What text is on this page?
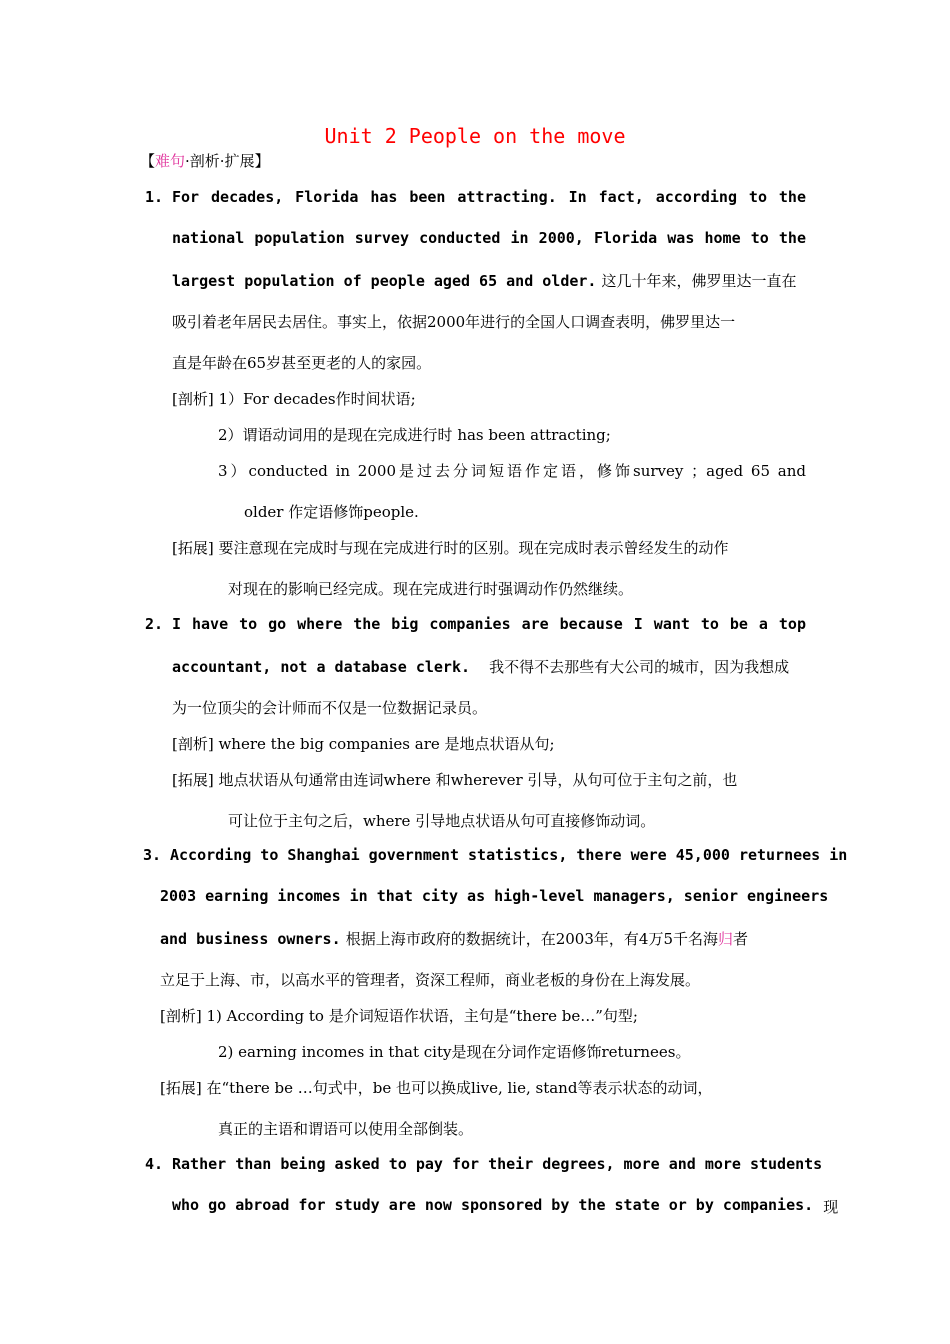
Unit 2 People on the move
【难句·剖析·扩展】
1. For decades, Florida has been attracting. In fact, according to the
national population survey conducted in 2000, Florida was home to the
largest population of people aged 65 and older. 这几十年来，佛罗里达一直在
吸引着老年居民去居住。事实上，依据2000年进行的全国人口调查表明，佛罗里达一
直是年龄在65岁甚至更老的人的家园。
[剖析] 1）For decades作时间状语;
2）谓语动词用的是现在完成进行时 has been attracting;
3）conducted in 2000是过去分词短语作定语，修饰survey ；aged 65 and
older 作定语修饰people.
[拓展] 要注意现在完成时与现在完成进行时的区别。现在完成时表示曾经发生的动作
对现在的影响已经完成。现在完成进行时强调动作仍然继续。
2. I have to go where the big companies are because I want to be a top
accountant, not a database clerk. 我不得不去那些有大公司的城市，因为我想成
为一位顶尖的会计师而不仅是一位数据记录员。
[剖析] where the big companies are 是地点状语从句;
[拓展] 地点状语从句通常由连词where 和wherever 引导，从句可位于主句之前，也
可让位于主句之后，where 引导地点状语从句可直接修饰动词。
3. According to Shanghai government statistics, there were 45,000 returnees in
2003 earning incomes in that city as high-level managers, senior engineers
and business owners. 根据上海市政府的数据统计，在2003年，有4万5千名海归者
立足于上海、市，以高水平的管理者，资深工程师，商业老板的身份在上海发展。
[剖析] 1) According to 是介词短语作状语，主句是“there be…”句型;
2) earning incomes in that city是现在分词作定语修饰returnees。
[拓展] 在“there be …句式中，be 也可以换成live, lie, stand等表示状态的动词，
真正的主语和谓语可以使用全部倒装。
4. Rather than being asked to pay for their degrees, more and more students
who go abroad for study are now sponsored by the state or by companies. 现
